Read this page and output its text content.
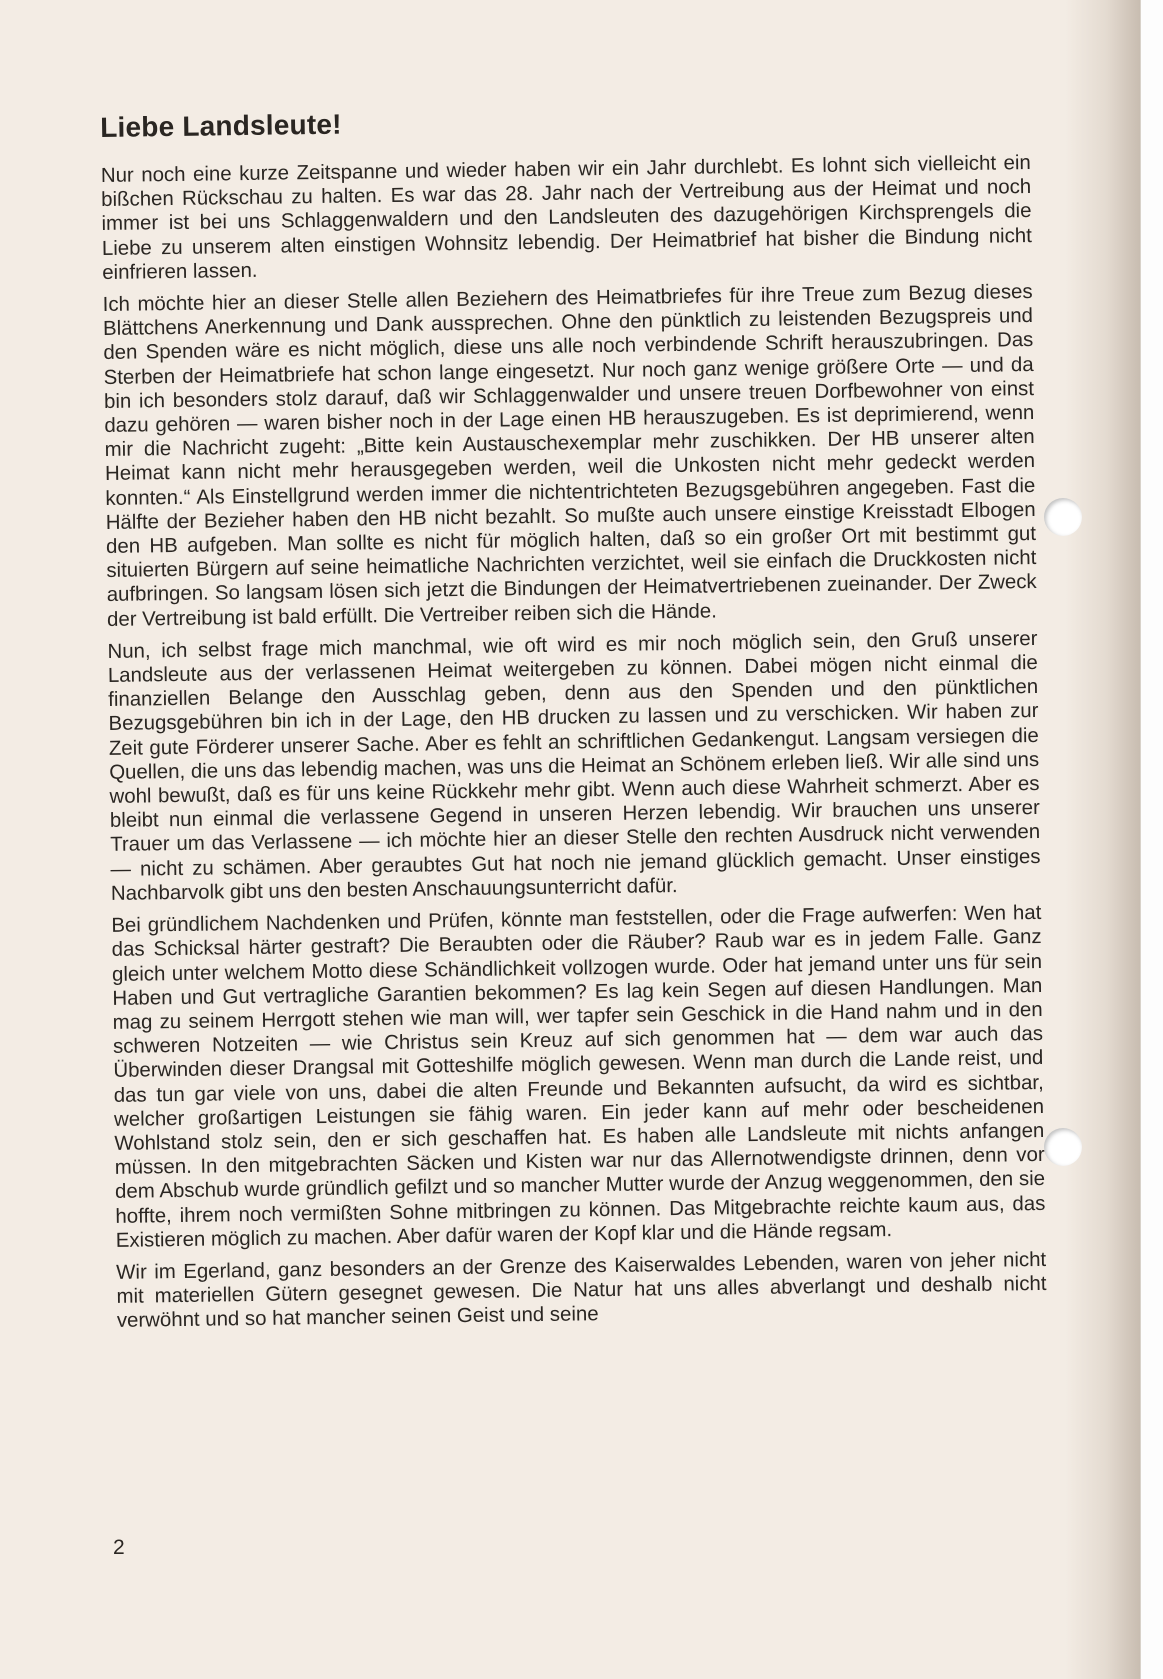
Liebe Landsleute!

Nur noch eine kurze Zeitspanne und wieder haben wir ein Jahr durchlebt. Es lohnt sich vielleicht ein bißchen Rückschau zu halten. Es war das 28. Jahr nach der Vertreibung aus der Heimat und noch immer ist bei uns Schlaggenwaldern und den Landsleuten des dazugehörigen Kirchsprengels die Liebe zu unserem alten einstigen Wohnsitz lebendig. Der Heimatbrief hat bisher die Bindung nicht einfrieren lassen.

Ich möchte hier an dieser Stelle allen Beziehern des Heimatbriefes für ihre Treue zum Bezug dieses Blättchens Anerkennung und Dank aussprechen. Ohne den pünktlich zu leistenden Bezugspreis und den Spenden wäre es nicht möglich, diese uns alle noch verbindende Schrift herauszubringen. Das Sterben der Heimatbriefe hat schon lange eingesetzt. Nur noch ganz wenige größere Orte — und da bin ich besonders stolz darauf, daß wir Schlaggenwalder und unsere treuen Dorfbewohner von einst dazu gehören — waren bisher noch in der Lage einen HB herauszugeben. Es ist deprimierend, wenn mir die Nachricht zugeht: „Bitte kein Austauschexemplar mehr zuschikken. Der HB unserer alten Heimat kann nicht mehr herausgegeben werden, weil die Unkosten nicht mehr gedeckt werden konnten.“ Als Einstellgrund werden immer die nichtentrichteten Bezugsgebühren angegeben. Fast die Hälfte der Bezieher haben den HB nicht bezahlt. So mußte auch unsere einstige Kreisstadt Elbogen den HB aufgeben. Man sollte es nicht für möglich halten, daß so ein großer Ort mit bestimmt gut situierten Bürgern auf seine heimatliche Nachrichten verzichtet, weil sie einfach die Druckkosten nicht aufbringen. So langsam lösen sich jetzt die Bindungen der Heimatvertriebenen zueinander. Der Zweck der Vertreibung ist bald erfüllt. Die Vertreiber reiben sich die Hände.

Nun, ich selbst frage mich manchmal, wie oft wird es mir noch möglich sein, den Gruß unserer Landsleute aus der verlassenen Heimat weitergeben zu können. Dabei mögen nicht einmal die finanziellen Belange den Ausschlag geben, denn aus den Spenden und den pünktlichen Bezugsgebühren bin ich in der Lage, den HB drucken zu lassen und zu verschicken. Wir haben zur Zeit gute Förderer unserer Sache. Aber es fehlt an schriftlichen Gedankengut. Langsam versiegen die Quellen, die uns das lebendig machen, was uns die Heimat an Schönem erleben ließ. Wir alle sind uns wohl bewußt, daß es für uns keine Rückkehr mehr gibt. Wenn auch diese Wahrheit schmerzt. Aber es bleibt nun einmal die verlassene Gegend in unseren Herzen lebendig. Wir brauchen uns unserer Trauer um das Verlassene — ich möchte hier an dieser Stelle den rechten Ausdruck nicht verwenden — nicht zu schämen. Aber geraubtes Gut hat noch nie jemand glücklich gemacht. Unser einstiges Nachbarvolk gibt uns den besten Anschauungsunterricht dafür.

Bei gründlichem Nachdenken und Prüfen, könnte man feststellen, oder die Frage aufwerfen: Wen hat das Schicksal härter gestraft? Die Beraubten oder die Räuber? Raub war es in jedem Falle. Ganz gleich unter welchem Motto diese Schändlichkeit vollzogen wurde. Oder hat jemand unter uns für sein Haben und Gut vertragliche Garantien bekommen? Es lag kein Segen auf diesen Handlungen. Man mag zu seinem Herrgott stehen wie man will, wer tapfer sein Geschick in die Hand nahm und in den schweren Notzeiten — wie Christus sein Kreuz auf sich genommen hat — dem war auch das Überwinden dieser Drangsal mit Gotteshilfe möglich gewesen. Wenn man durch die Lande reist, und das tun gar viele von uns, dabei die alten Freunde und Bekannten aufsucht, da wird es sichtbar, welcher großartigen Leistungen sie fähig waren. Ein jeder kann auf mehr oder bescheidenen Wohlstand stolz sein, den er sich geschaffen hat. Es haben alle Landsleute mit nichts anfangen müssen. In den mitgebrachten Säcken und Kisten war nur das Allernotwendigste drinnen, denn vor dem Abschub wurde gründlich gefilzt und so mancher Mutter wurde der Anzug weggenommen, den sie hoffte, ihrem noch vermißten Sohne mitbringen zu können. Das Mitgebrachte reichte kaum aus, das Existieren möglich zu machen. Aber dafür waren der Kopf klar und die Hände regsam.

Wir im Egerland, ganz besonders an der Grenze des Kaiserwaldes Lebenden, waren von jeher nicht mit materiellen Gütern gesegnet gewesen. Die Natur hat uns alles abverlangt und deshalb nicht verwöhnt und so hat mancher seinen Geist und seine

2
